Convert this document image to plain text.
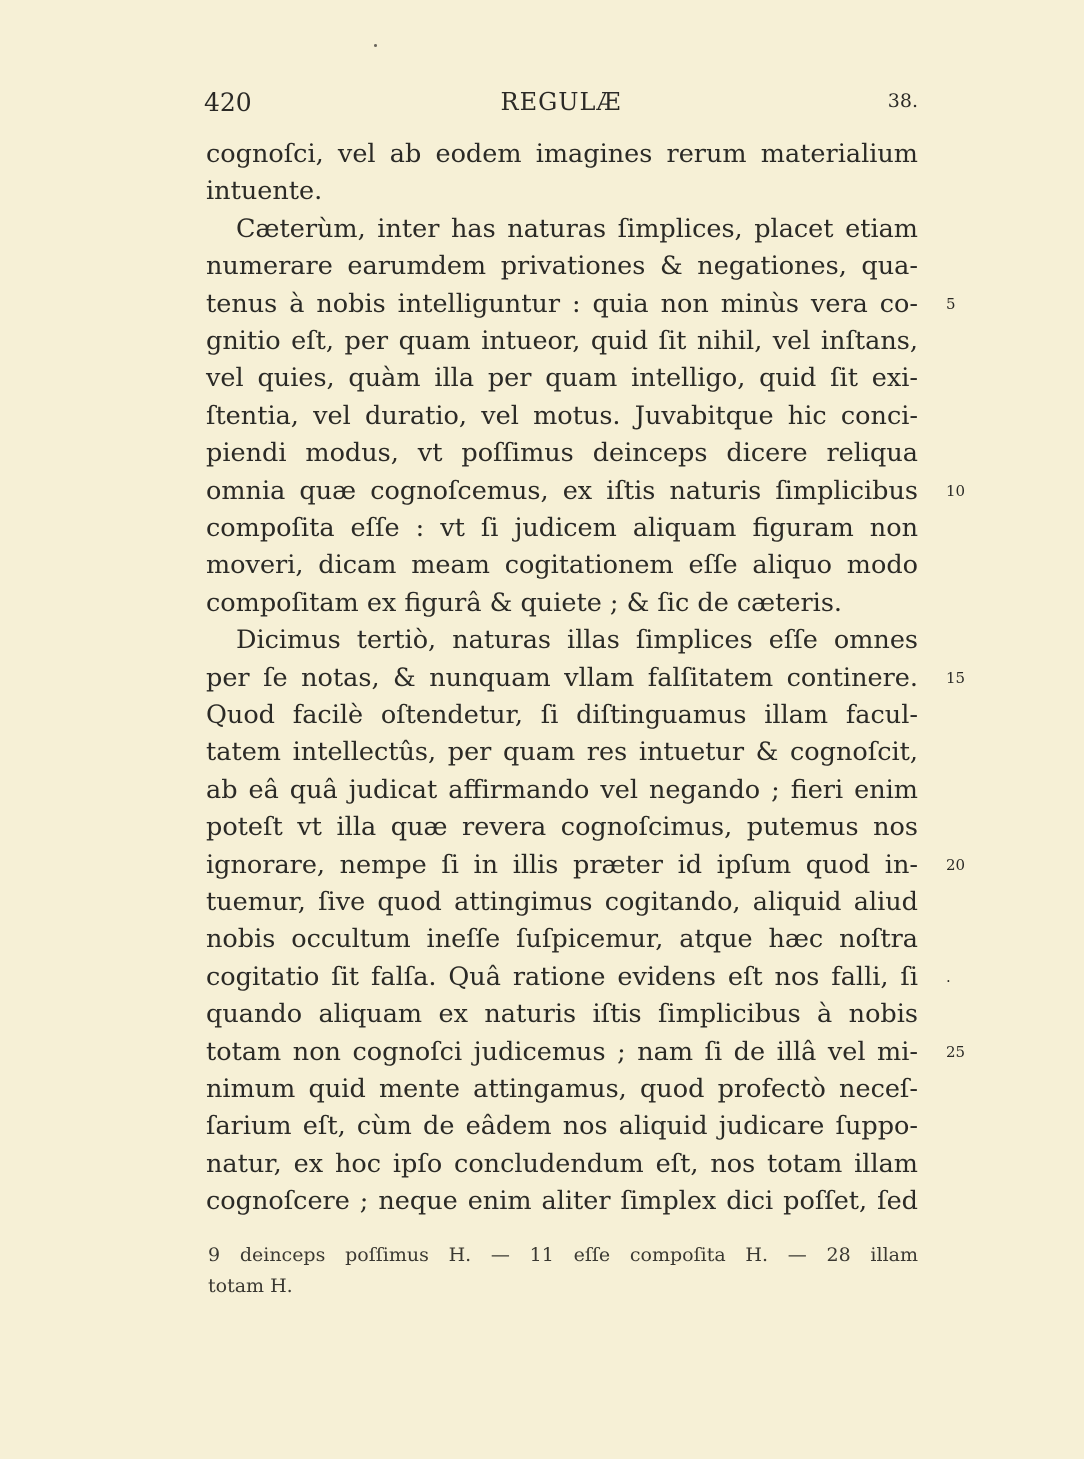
420	REGULÆ	38.
cognoſci, vel ab eodem imagines rerum materialium
intuente.
Cæterùm, inter has naturas ſimplices, placet etiam
numerare earumdem privationes & negationes, qua-
tenus à nobis intelliguntur : quia non minùs vera co-
gnitio eſt, per quam intueor, quid ſit nihil, vel inſtans,
vel quies, quàm illa per quam intelligo, quid ſit exi-
ſtentia, vel duratio, vel motus. Juvabitque hic conci-
piendi modus, vt poſſimus deinceps dicere reliqua
omnia quæ cognoſcemus, ex iſtis naturis ſimplicibus
compoſita eſſe : vt ſi judicem aliquam figuram non
moveri, dicam meam cogitationem eſſe aliquo modo
compoſitam ex figurâ & quiete ; & ſic de cæteris.
Dicimus tertiò, naturas illas ſimplices eſſe omnes
per ſe notas, & nunquam vllam falſitatem continere.
Quod facilè oſtendetur, ſi diſtinguamus illam facul-
tatem intellectûs, per quam res intuetur & cognoſcit,
ab eâ quâ judicat affirmando vel negando ; fieri enim
poteſt vt illa quæ revera cognoſcimus, putemus nos
ignorare, nempe ſi in illis præter id ipſum quod in-
tuemur, ſive quod attingimus cogitando, aliquid aliud
nobis occultum ineſſe ſuſpicemur, atque hæc noſtra
cogitatio ſit falſa. Quâ ratione evidens eſt nos falli, ſi
quando aliquam ex naturis iſtis ſimplicibus à nobis
totam non cognoſci judicemus ; nam ſi de illâ vel mi-
nimum quid mente attingamus, quod profectò neceſ-
ſarium eſt, cùm de eâdem nos aliquid judicare ſuppo-
natur, ex hoc ipſo concludendum eſt, nos totam illam
cognoſcere ; neque enim aliter ſimplex dici poſſet, ſed
5
10
15
20
.
25
9 deinceps poſſimus H. — 11 eſſe compoſita H. — 28 illam
totam H.
